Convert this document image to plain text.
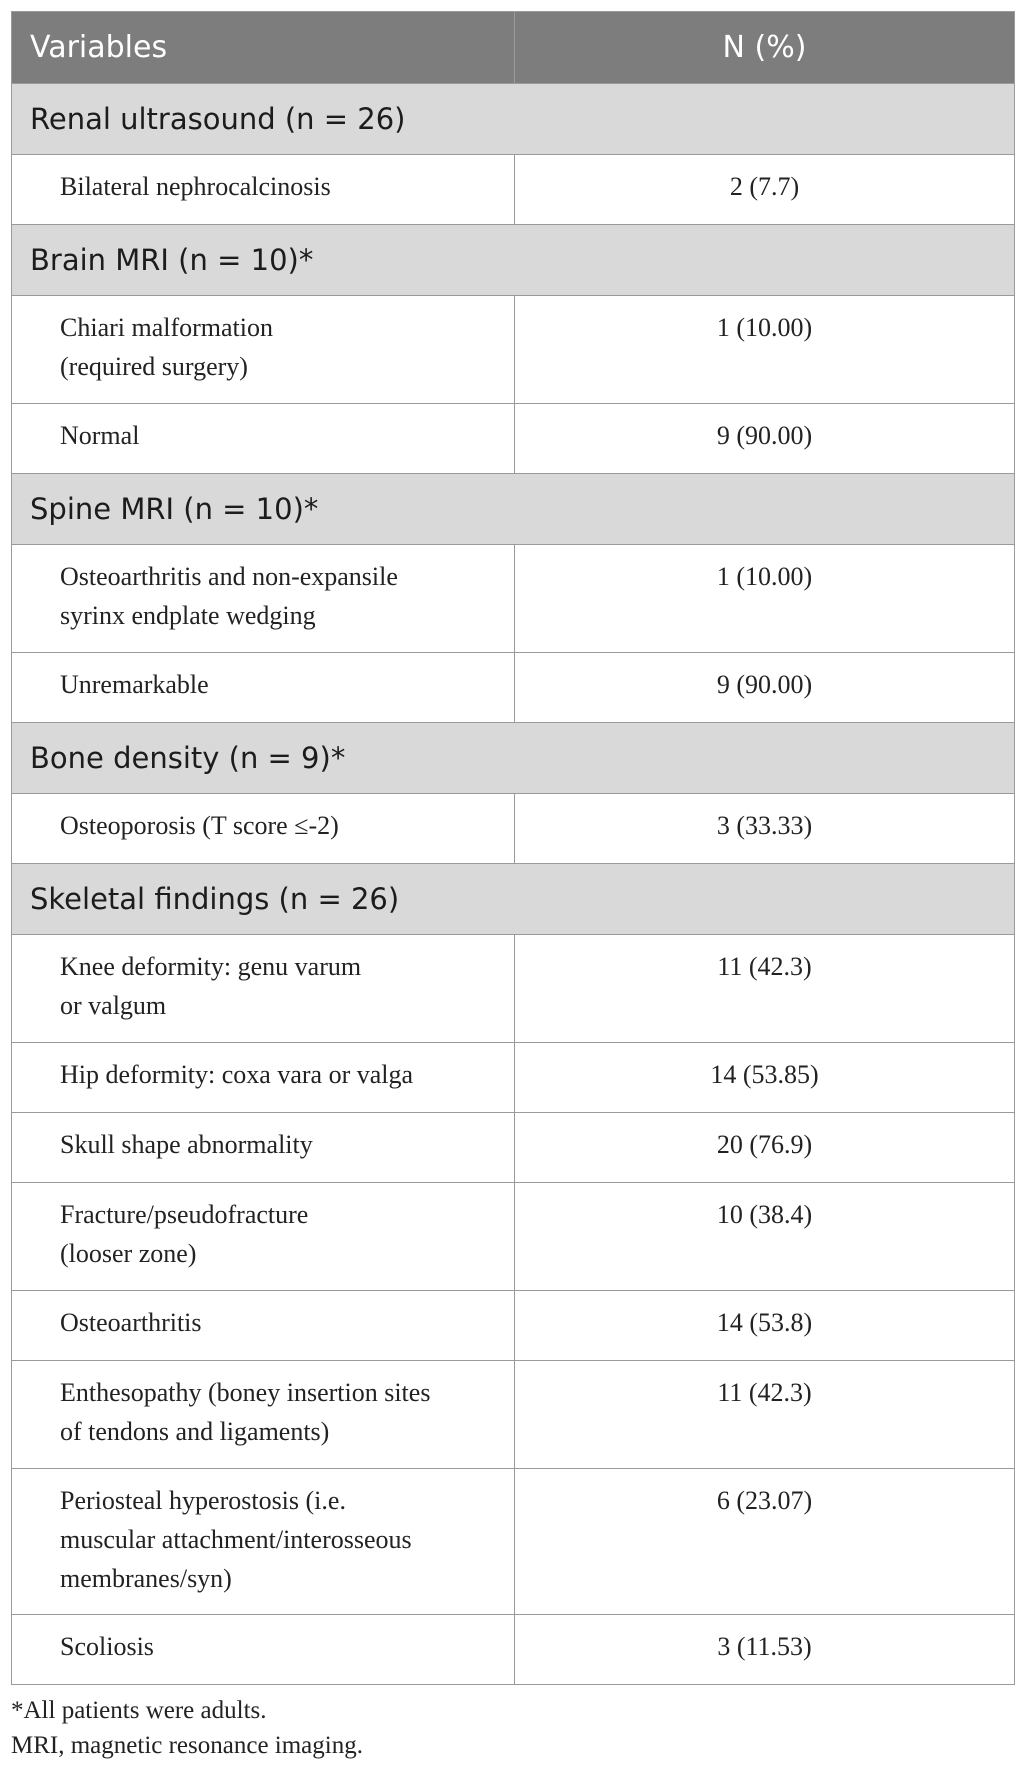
Variables	N (%)
Renal ultrasound (n = 26)	

Bilateral nephrocalcinosis	2 (7.7)
Brain MRI (n = 10)*	

Chiari malformation
(required surgery)	1 (10.00)

Normal	9 (90.00)
Spine MRI (n = 10)*	

Osteoarthritis and non-expansile
syrinx endplate wedging	1 (10.00)

Unremarkable	9 (90.00)
Bone density (n = 9)*	

Osteoporosis (T score ≤-2)	3 (33.33)
Skeletal findings (n = 26)	

Knee deformity: genu varum
or valgum	11 (42.3)

Hip deformity: coxa vara or valga	14 (53.85)

Skull shape abnormality	20 (76.9)

Fracture/pseudofracture
(looser zone)	10 (38.4)

Osteoarthritis	14 (53.8)

Enthesopathy (boney insertion sites
of tendons and ligaments)	11 (42.3)

Periosteal hyperostosis (i.e.
muscular attachment/interosseous
membranes/syn)	6 (23.07)

Scoliosis	3 (11.53)
*All patients were adults.
MRI, magnetic resonance imaging.
